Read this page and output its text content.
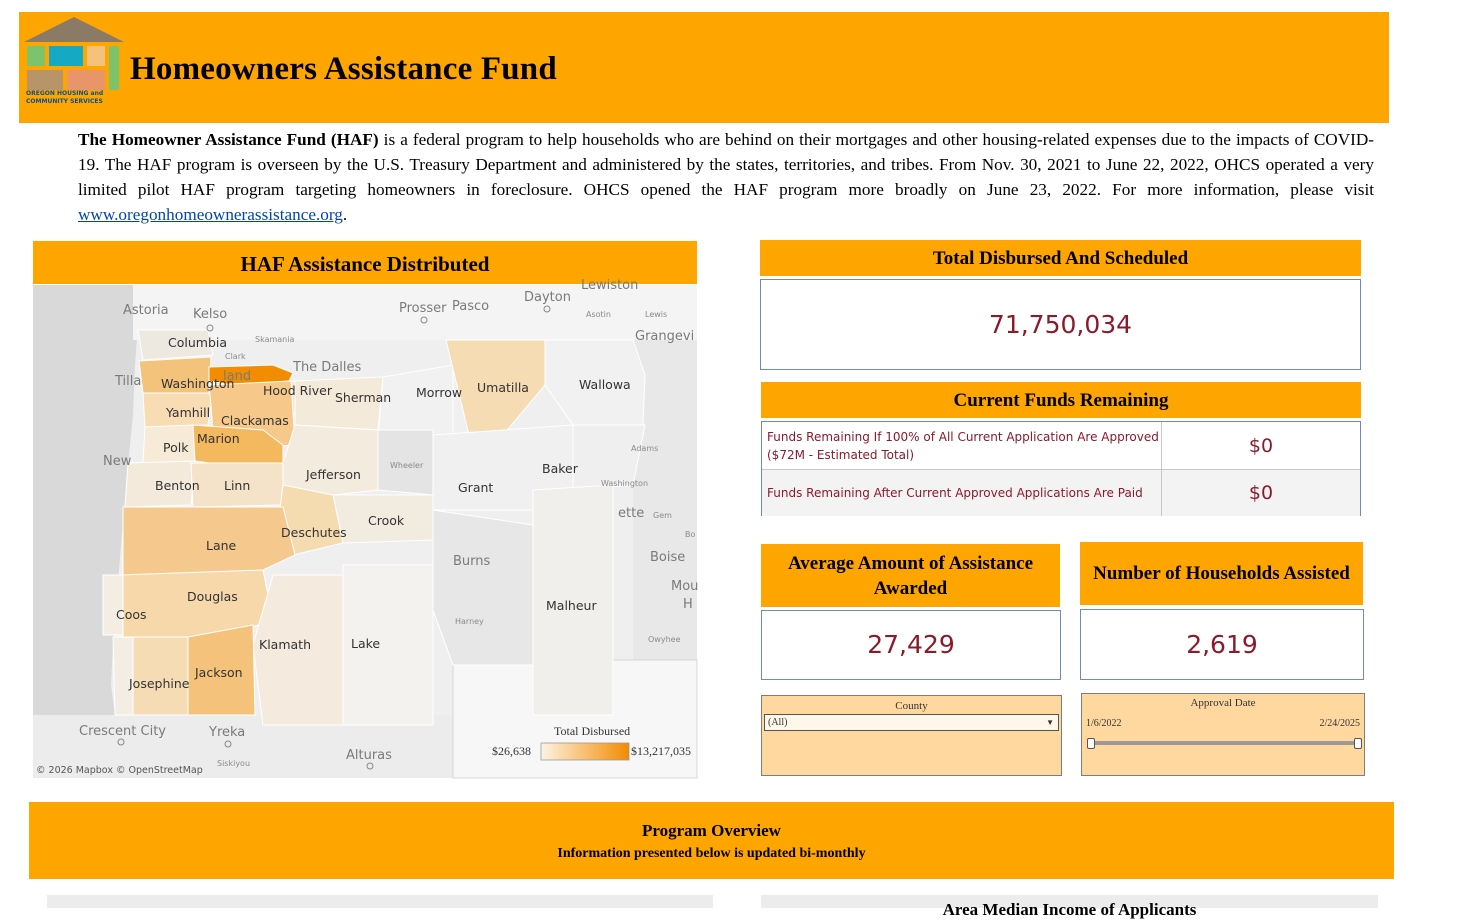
OREGON HOUSING and
COMMUNITY SERVICES
Homeowners Assistance Fund
The Homeowner Assistance Fund (HAF) is a federal program to help households who are behind on their mortgages and other housing-related expenses due to the impacts of COVID-19. The HAF program is overseen by the U.S. Treasury Department and administered by the states, territories, and tribes. From Nov. 30, 2021 to June 22, 2022, OHCS operated a very limited pilot HAF program targeting homeowners in foreclosure. OHCS opened the HAF program more broadly on June 23, 2022. For more information, please visit www.oregonhomeownerassistance.org.
HAF Assistance Distributed
Columbia
Washington Hood River Sherman Morrow Umatilla	Wallowa
Yamhill
Clackamas
Polk
Marion
Jefferson
Wheeler	Baker
Benton Linn	Grant
Crook
Deschutes
Lane
Burns
Douglas
Coos
Malheur
Klamath	Lake
Josephine
Jackson
Astoria Kelso	Prosser Pasco
Dayton
Lewiston
Grangevi
Tilla
The Dalles
New
Boise
Mou
H
Crescent City	Yreka
Alturas
land
ette
Skamania
Clark
Asotin	Lewis
Adams
Washington
Gem
Harney
Owyhee
Siskiyou
Bo
Total Disbursed
$26,638	$13,217,035
© 2026 Mapbox © OpenStreetMap
Total Disbursed And Scheduled
71,750,034
Current Funds Remaining
Funds Remaining If 100% of All Current Application Are Approved ($72M - Estimated Total)	$0
Funds Remaining After Current Approved Applications Are Paid	$0
Average Amount of Assistance Awarded
27,429
Number of Households Assisted
2,619
County
(All)	▼
Approval Date
1/6/2022	2/24/2025
Program Overview
Information presented below is updated bi-monthly
Area Median Income of Applicants
